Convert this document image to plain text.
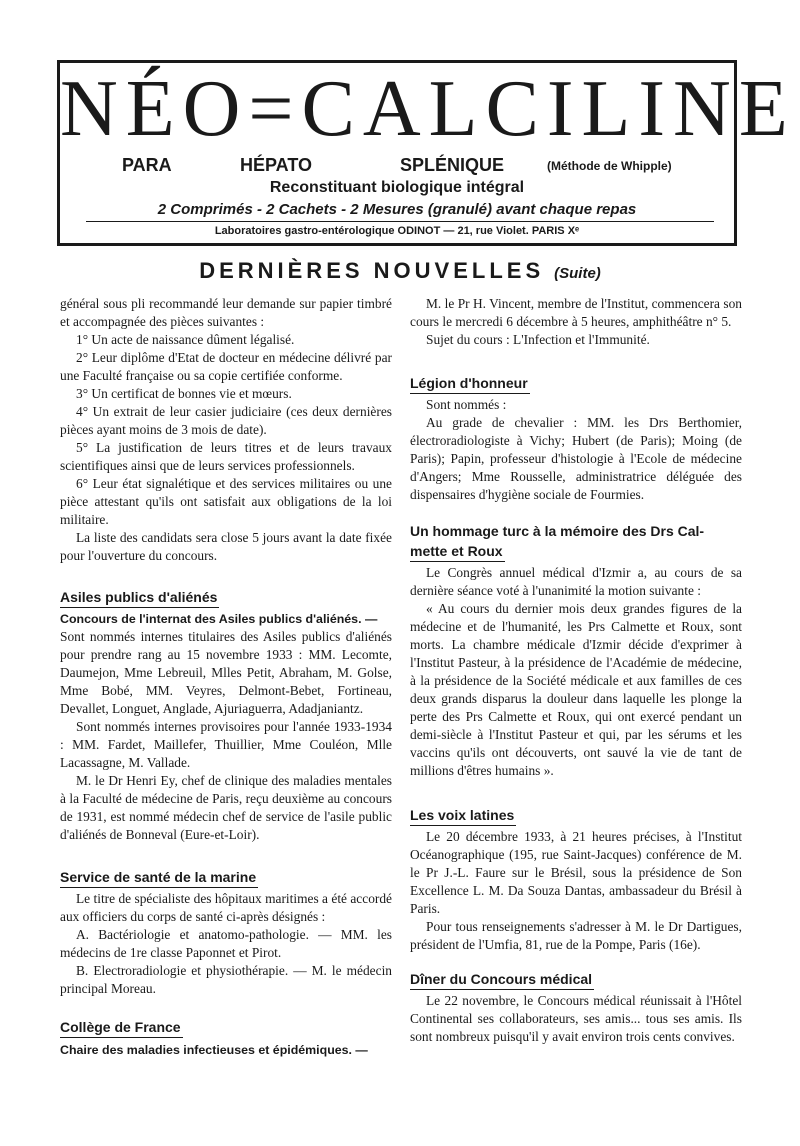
NÉO=CALCILINE
PARA	HÉPATO	SPLÉNIQUE	(Méthode de Whipple)
Reconstituant biologique intégral
2 Comprimés - 2 Cachets - 2 Mesures (granulé) avant chaque repas
Laboratoires gastro-entérologique ODINOT — 21, rue Violet. PARIS Xᵉ
DERNIÈRES NOUVELLES (Suite)

général sous pli recommandé leur demande sur papier timbré et accompagnée des pièces suivantes :

1° Un acte de naissance dûment légalisé.

2° Leur diplôme d'Etat de docteur en médecine délivré par une Faculté française ou sa copie certifiée conforme.

3° Un certificat de bonnes vie et mœurs.

4° Un extrait de leur casier judiciaire (ces deux dernières pièces ayant moins de 3 mois de date).

5° La justification de leurs titres et de leurs travaux scientifiques ainsi que de leurs services professionnels.

6° Leur état signalétique et des services militaires ou une pièce attestant qu'ils ont satisfait aux obligations de la loi militaire.

La liste des candidats sera close 5 jours avant la date fixée pour l'ouverture du concours.

Asiles publics d'aliénés

Concours de l'internat des Asiles publics d'aliénés. —

Sont nommés internes titulaires des Asiles publics d'aliénés pour prendre rang au 15 novembre 1933 : MM. Lecomte, Daumejon, Mme Lebreuil, Mlles Petit, Abraham, M. Golse, Mme Bobé, MM. Veyres, Delmont-Bebet, Fortineau, Devallet, Longuet, Anglade, Ajuriaguerra, Adadjaniantz.

Sont nommés internes provisoires pour l'année 1933-1934 : MM. Fardet, Maillefer, Thuillier, Mme Couléon, Mlle Lacassagne, M. Vallade.

M. le Dr Henri Ey, chef de clinique des maladies mentales à la Faculté de médecine de Paris, reçu deuxième au concours de 1931, est nommé médecin chef de service de l'asile public d'aliénés de Bonneval (Eure-et-Loir).

Service de santé de la marine

Le titre de spécialiste des hôpitaux maritimes a été accordé aux officiers du corps de santé ci-après désignés :

A. Bactériologie et anatomo-pathologie. — MM. les médecins de 1re classe Paponnet et Pirot.

B. Electroradiologie et physiothérapie. — M. le médecin principal Moreau.

Collège de France

Chaire des maladies infectieuses et épidémiques. —

M. le Pr H. Vincent, membre de l'Institut, commencera son cours le mercredi 6 décembre à 5 heures, amphithéâtre n° 5.

Sujet du cours : L'Infection et l'Immunité.

Légion d'honneur

Sont nommés :

Au grade de chevalier : MM. les Drs Berthomier, électroradiologiste à Vichy; Hubert (de Paris); Moing (de Paris); Papin, professeur d'histologie à l'Ecole de médecine d'Angers; Mme Rousselle, administratrice déléguée des dispensaires d'hygiène sociale de Fourmies.

Un hommage turc à la mémoire des Drs Cal-
mette et Roux

Le Congrès annuel médical d'Izmir a, au cours de sa dernière séance voté à l'unanimité la motion suivante :

« Au cours du dernier mois deux grandes figures de la médecine et de l'humanité, les Prs Calmette et Roux, sont morts. La chambre médicale d'Izmir décide d'exprimer à l'Institut Pasteur, à la présidence de l'Académie de médecine, à la présidence de la Société médicale et aux familles de ces deux grands disparus la douleur dans laquelle les plonge la perte des Prs Calmette et Roux, qui ont exercé pendant un demi-siècle à l'Institut Pasteur et qui, par les sérums et les vaccins qu'ils ont découverts, ont sauvé la vie de tant de millions d'êtres humains ».

Les voix latines

Le 20 décembre 1933, à 21 heures précises, à l'Institut Océanographique (195, rue Saint-Jacques) conférence de M. le Pr J.-L. Faure sur le Brésil, sous la présidence de Son Excellence L. M. Da Souza Dantas, ambassadeur du Brésil à Paris.

Pour tous renseignements s'adresser à M. le Dr Dartigues, président de l'Umfia, 81, rue de la Pompe, Paris (16e).

Dîner du Concours médical

Le 22 novembre, le Concours médical réunissait à l'Hôtel Continental ses collaborateurs, ses amis... tous ses amis. Ils sont nombreux puisqu'il y avait environ trois cents convives.
